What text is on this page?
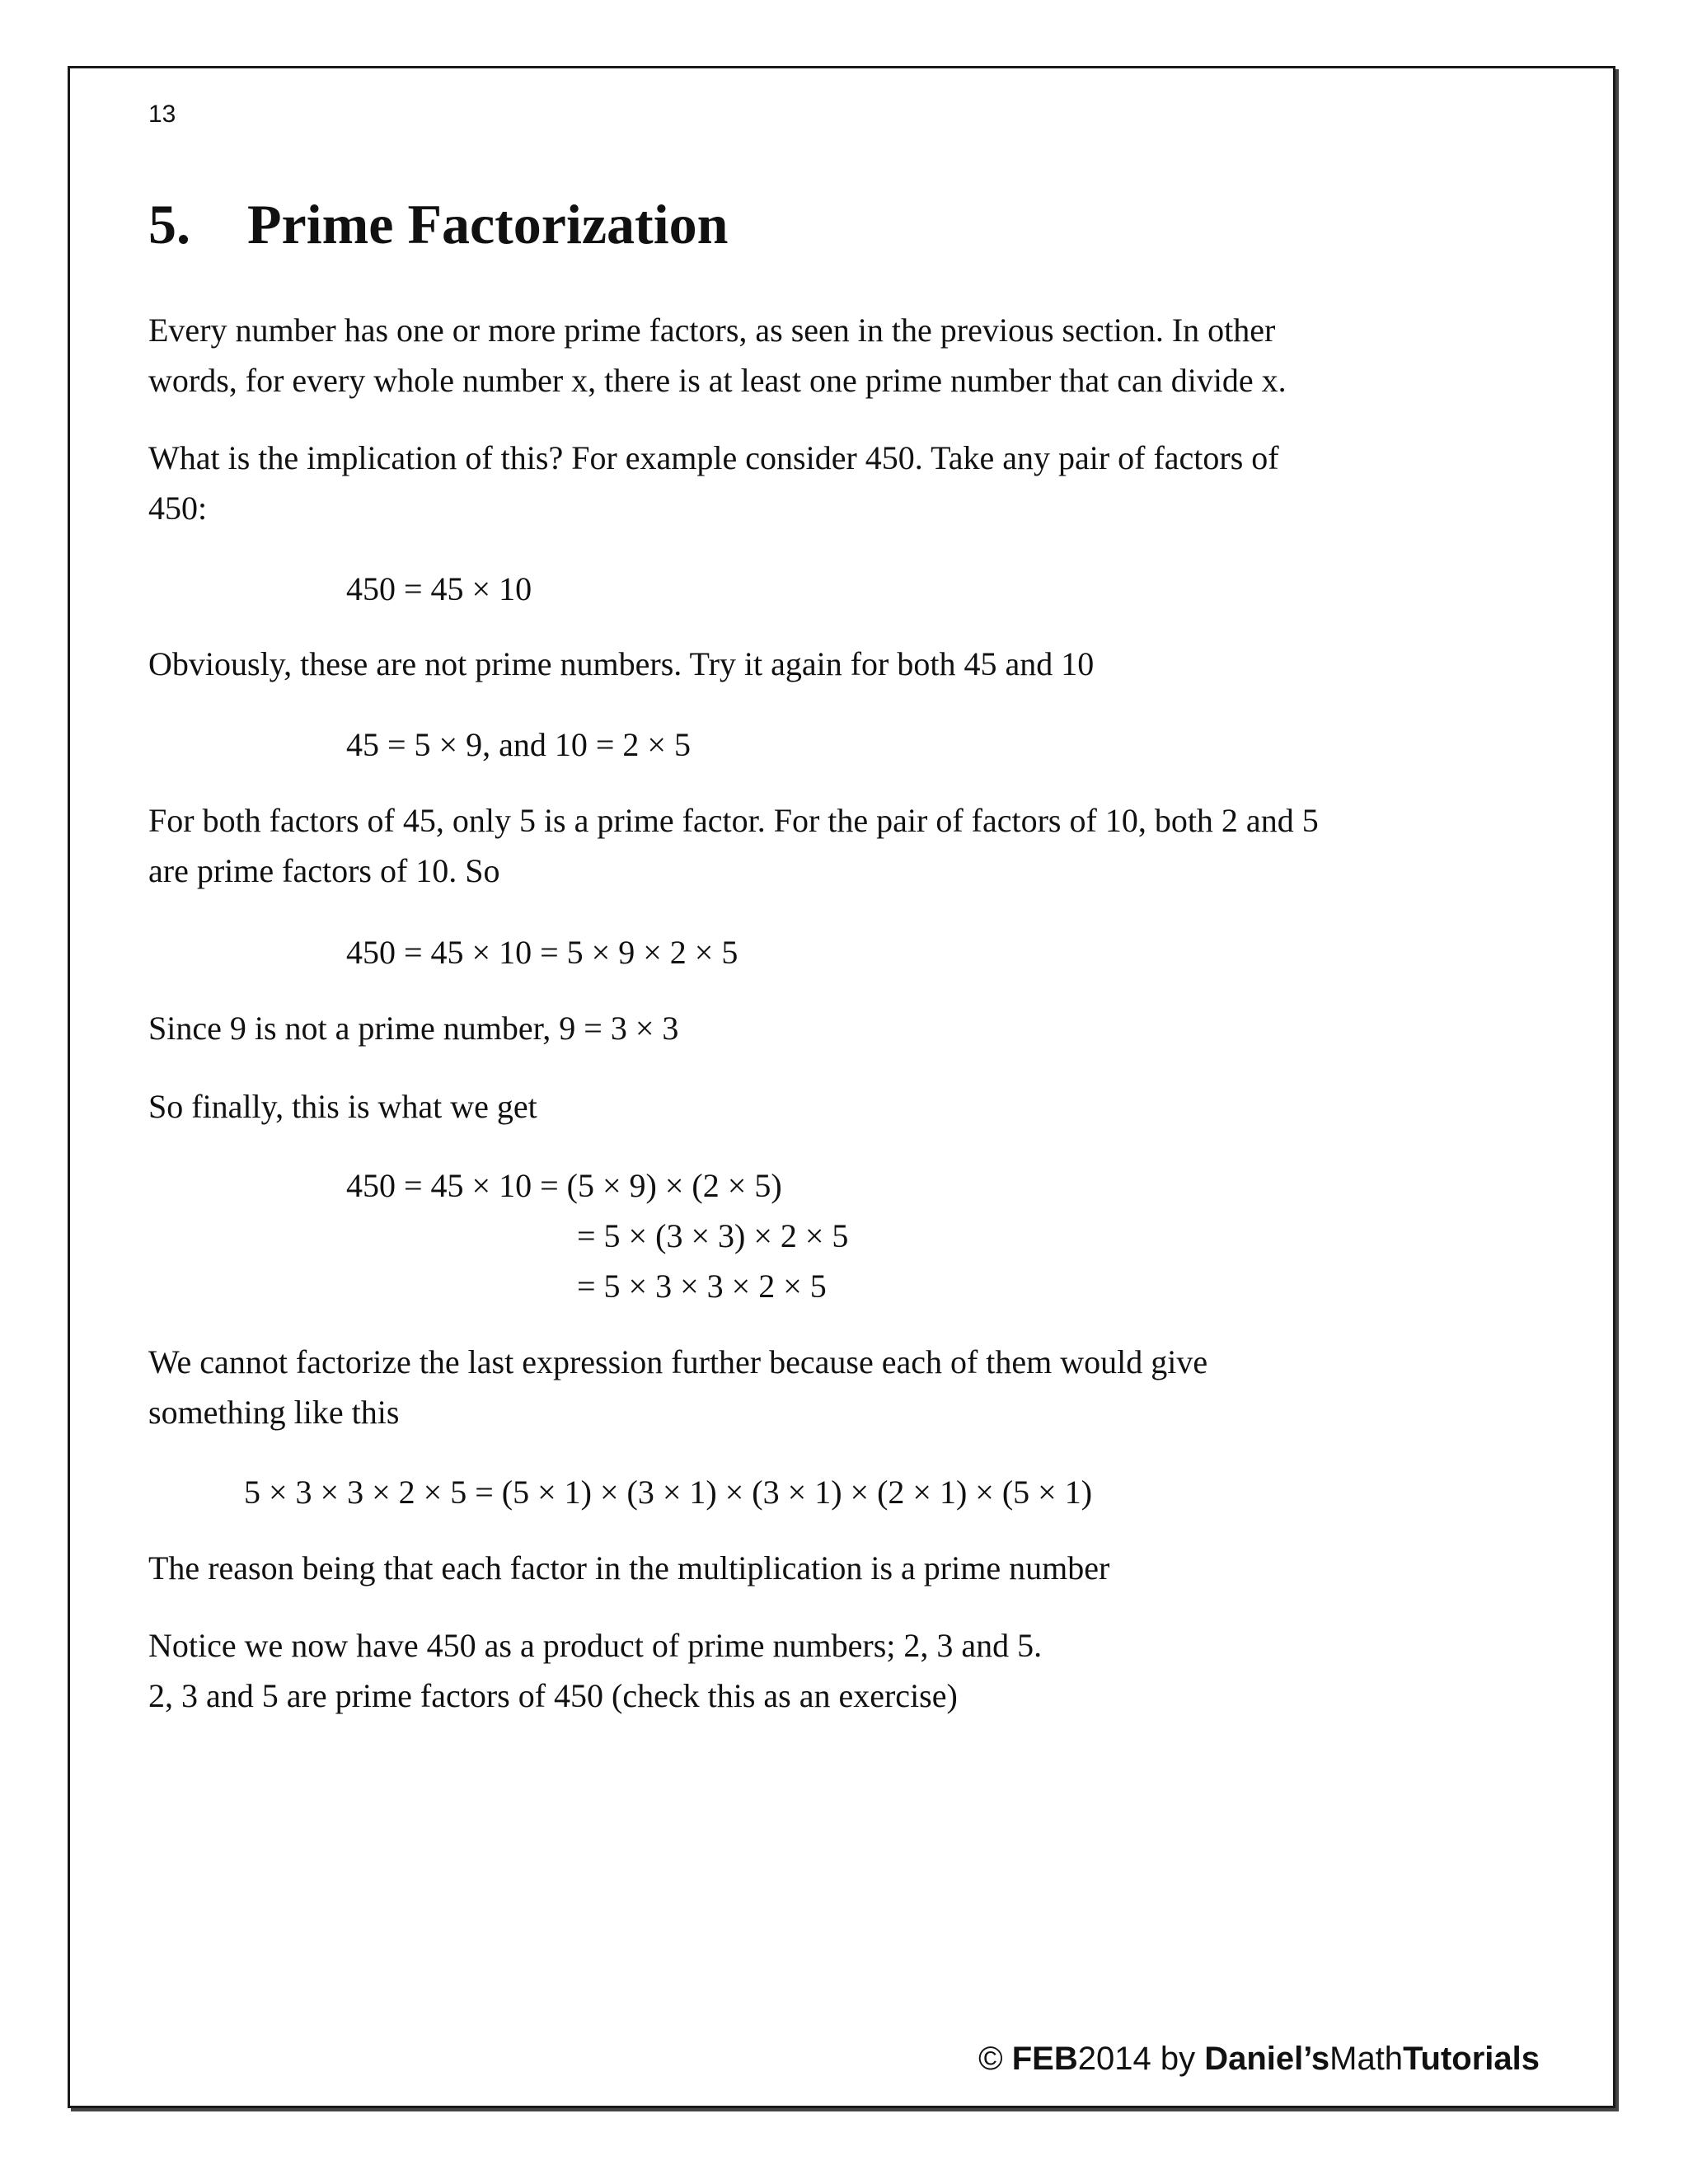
13
5. Prime Factorization

Every number has one or more prime factors, as seen in the previous section. In other
words, for every whole number x, there is at least one prime number that can divide x.

What is the implication of this? For example consider 450. Take any pair of factors of
450:

450 = 45 × 10

Obviously, these are not prime numbers. Try it again for both 45 and 10

45 = 5 × 9, and 10 = 2 × 5

For both factors of 45, only 5 is a prime factor. For the pair of factors of 10, both 2 and 5
are prime factors of 10. So

450 = 45 × 10 = 5 × 9 × 2 × 5

Since 9 is not a prime number, 9 = 3 × 3

So finally, this is what we get

450 = 45 × 10 = (5 × 9) × (2 × 5)
= 5 × (3 × 3) × 2 × 5
= 5 × 3 × 3 × 2 × 5

We cannot factorize the last expression further because each of them would give
something like this

5 × 3 × 3 × 2 × 5 = (5 × 1) × (3 × 1) × (3 × 1) × (2 × 1) × (5 × 1)

The reason being that each factor in the multiplication is a prime number

Notice we now have 450 as a product of prime numbers; 2, 3 and 5.
2, 3 and 5 are prime factors of 450 (check this as an exercise)

© FEB2014 by Daniel’sMathTutorials
